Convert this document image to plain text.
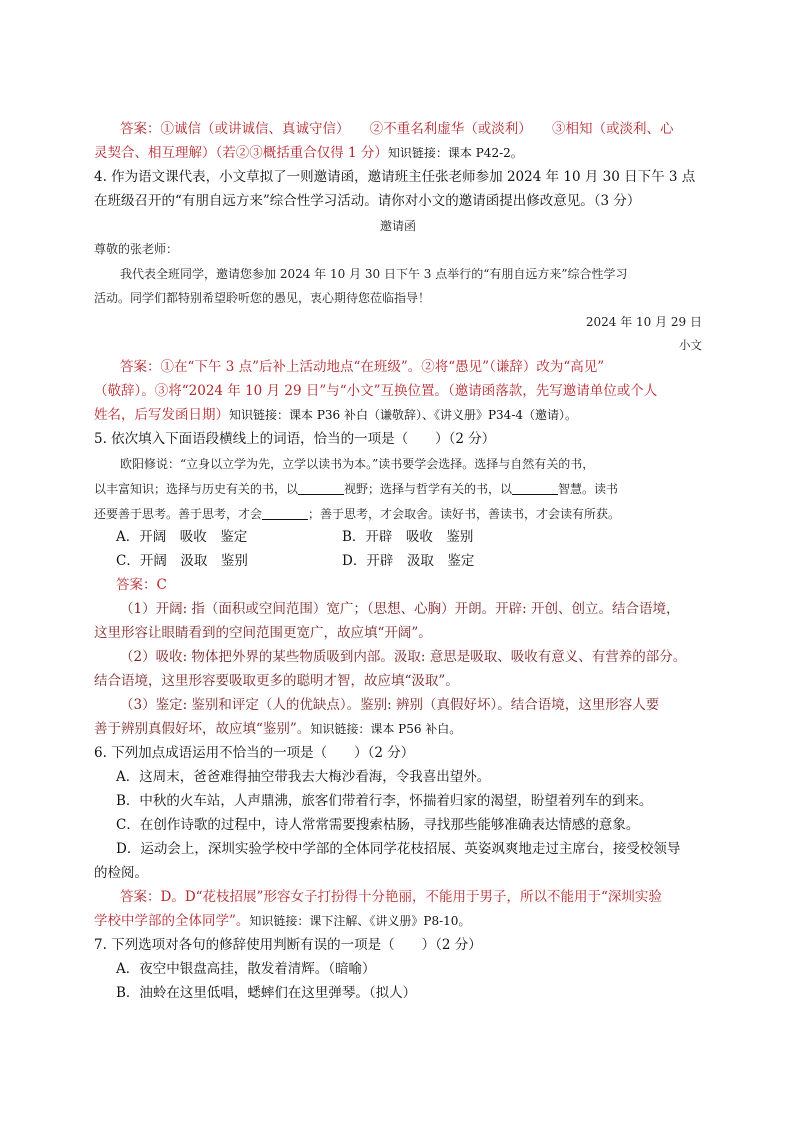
答案：①诚信（或讲诚信、真诚守信）　　②不重名利虚华（或淡利）　　③相知（或淡利、心
灵契合、相互理解）（若②③概括重合仅得 1 分）知识链接：课本 P42-2。
4. 作为语文课代表，小文草拟了一则邀请函，邀请班主任张老师参加 2024 年 10 月 30 日下午 3 点
在班级召开的“有朋自远方来”综合性学习活动。请你对小文的邀请函提出修改意见。（3 分）
邀请函
尊敬的张老师：
我代表全班同学，邀请您参加 2024 年 10 月 30 日下午 3 点举行的“有朋自远方来”综合性学习
活动。同学们都特别希望聆听您的愚见，衷心期待您莅临指导！
2024 年 10 月 29 日
小文
答案：①在“下午 3 点”后补上活动地点“在班级”。②将“愚见”（谦辞）改为“高见”
（敬辞）。③将“2024 年 10 月 29 日”与“小文”互换位置。（邀请函落款，先写邀请单位或个人
姓名，后写发函日期）知识链接：课本 P36 补白（谦敬辞）、《讲义册》P34-4（邀请）。
5. 依次填入下面语段横线上的词语，恰当的一项是（　　）（2 分）
欧阳修说：“立身以立学为先，立学以读书为本。”读书要学会选择。选择与自然有关的书，
以丰富知识；选择与历史有关的书，以	视野；选择与哲学有关的书，以	智慧。读书
还要善于思考。善于思考，才会	；善于思考，才会取舍。读好书，善读书，才会读有所获。
A．开阔　吸收　鉴定	B．开辟　吸收　鉴别
C．开阔　汲取　鉴别	D．开辟　汲取　鉴定
答案：C
（1）开阔: 指（面积或空间范围）宽广；（思想、心胸）开朗。开辟: 开创、创立。结合语境，
这里形容让眼睛看到的空间范围更宽广，故应填“开阔”。
（2）吸收: 物体把外界的某些物质吸到内部。汲取: 意思是吸取、吸收有意义、有营养的部分。
结合语境，这里形容要吸取更多的聪明才智，故应填“汲取”。
（3）鉴定: 鉴别和评定（人的优缺点）。鉴别: 辨别（真假好坏）。结合语境，这里形容人要
善于辨别真假好坏，故应填“鉴别”。知识链接：课本 P56 补白。
6. 下列加点成语运用不恰当的一项是（　　）（2 分）
A．这周末，爸爸难得抽空带我去大梅沙看海，令我喜出望外。
B．中秋的火车站，人声鼎沸，旅客们带着行李，怀揣着归家的渴望，盼望着列车的到来。
C．在创作诗歌的过程中，诗人常常需要搜索枯肠，寻找那些能够准确表达情感的意象。
D．运动会上，深圳实验学校中学部的全体同学花枝招展、英姿飒爽地走过主席台，接受校领导
的检阅。
答案：D。D“花枝招展”形容女子打扮得十分艳丽，不能用于男子，所以不能用于“深圳实验
学校中学部的全体同学”。知识链接：课下注解、《讲义册》P8-10。
7. 下列选项对各句的修辞使用判断有误的一项是（　　）（2 分）
A．夜空中银盘高挂，散发着清辉。（暗喻）
B．油蛉在这里低唱，蟋蟀们在这里弹琴。（拟人）
